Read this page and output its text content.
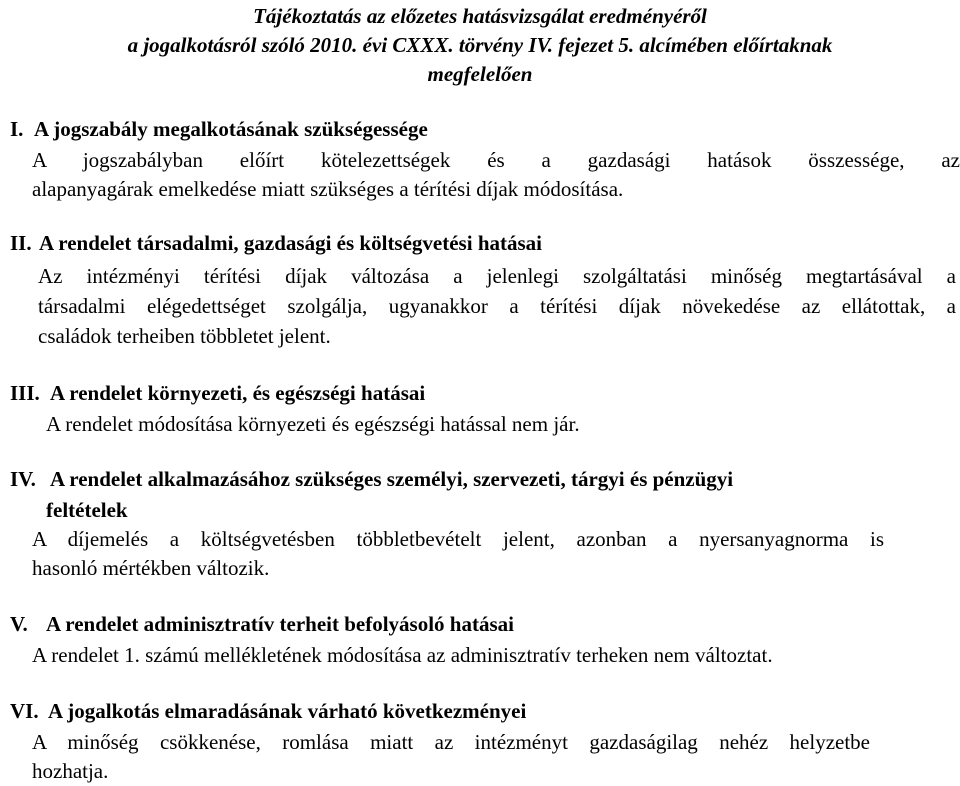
Tájékoztatás az előzetes hatásvizsgálat eredményéről
a jogalkotásról szóló 2010. évi CXXX. törvény IV. fejezet 5. alcímében előírtaknak
megfelelően
I. A jogszabály megalkotásának szükségessége
A jogszabályban előírt kötelezettségek és a gazdasági hatások összessége, az
alapanyagárak emelkedése miatt szükséges a térítési díjak módosítása.
II. A rendelet társadalmi, gazdasági és költségvetési hatásai
Az intézményi térítési díjak változása a jelenlegi szolgáltatási minőség megtartásával a
társadalmi elégedettséget szolgálja, ugyanakkor a térítési díjak növekedése az ellátottak, a
családok terheiben többletet jelent.
III. A rendelet környezeti, és egészségi hatásai
A rendelet módosítása környezeti és egészségi hatással nem jár.
IV. A rendelet alkalmazásához szükséges személyi, szervezeti, tárgyi és pénzügyi
feltételek
A díjemelés a költségvetésben többletbevételt jelent, azonban a nyersanyagnorma is
hasonló mértékben változik.
V. A rendelet adminisztratív terheit befolyásoló hatásai
A rendelet 1. számú mellékletének módosítása az adminisztratív terheken nem változtat.
VI. A jogalkotás elmaradásának várható következményei
A minőség csökkenése, romlása miatt az intézményt gazdaságilag nehéz helyzetbe
hozhatja.
